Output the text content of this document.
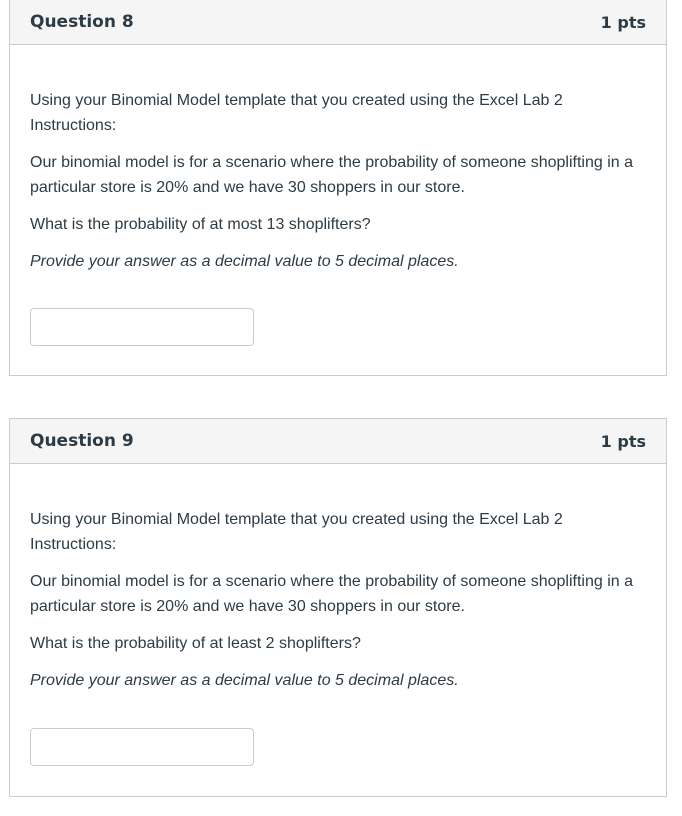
Question 8	1 pts

Using your Binomial Model template that you created using the Excel Lab 2 Instructions:

Our binomial model is for a scenario where the probability of someone shoplifting in a particular store is 20% and we have 30 shoppers in our store.

What is the probability of at most 13 shoplifters?

Provide your answer as a decimal value to 5 decimal places.

Question 9	1 pts

Using your Binomial Model template that you created using the Excel Lab 2 Instructions:

Our binomial model is for a scenario where the probability of someone shoplifting in a particular store is 20% and we have 30 shoppers in our store.

What is the probability of at least 2 shoplifters?

Provide your answer as a decimal value to 5 decimal places.
